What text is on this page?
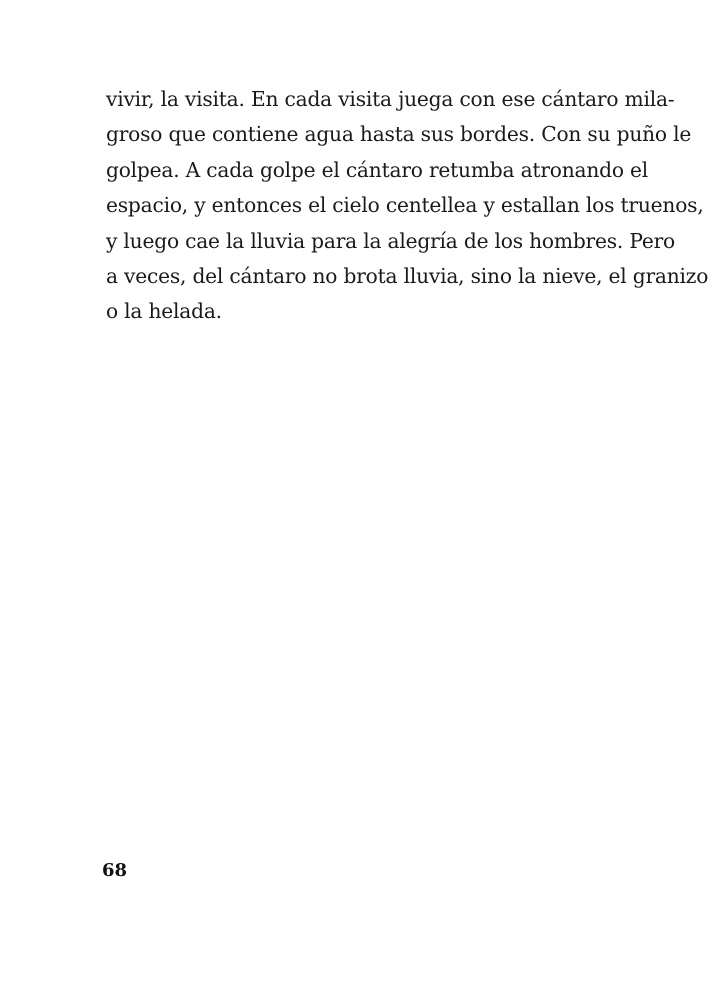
vivir, la visita. En cada visita juega con ese cántaro mila-
groso que contiene agua hasta sus bordes. Con su puño le
golpea. A cada golpe el cántaro retumba atronando el
espacio, y entonces el cielo centellea y estallan los truenos,
y luego cae la lluvia para la alegría de los hombres. Pero
a veces, del cántaro no brota lluvia, sino la nieve, el granizo
o la helada.
68
